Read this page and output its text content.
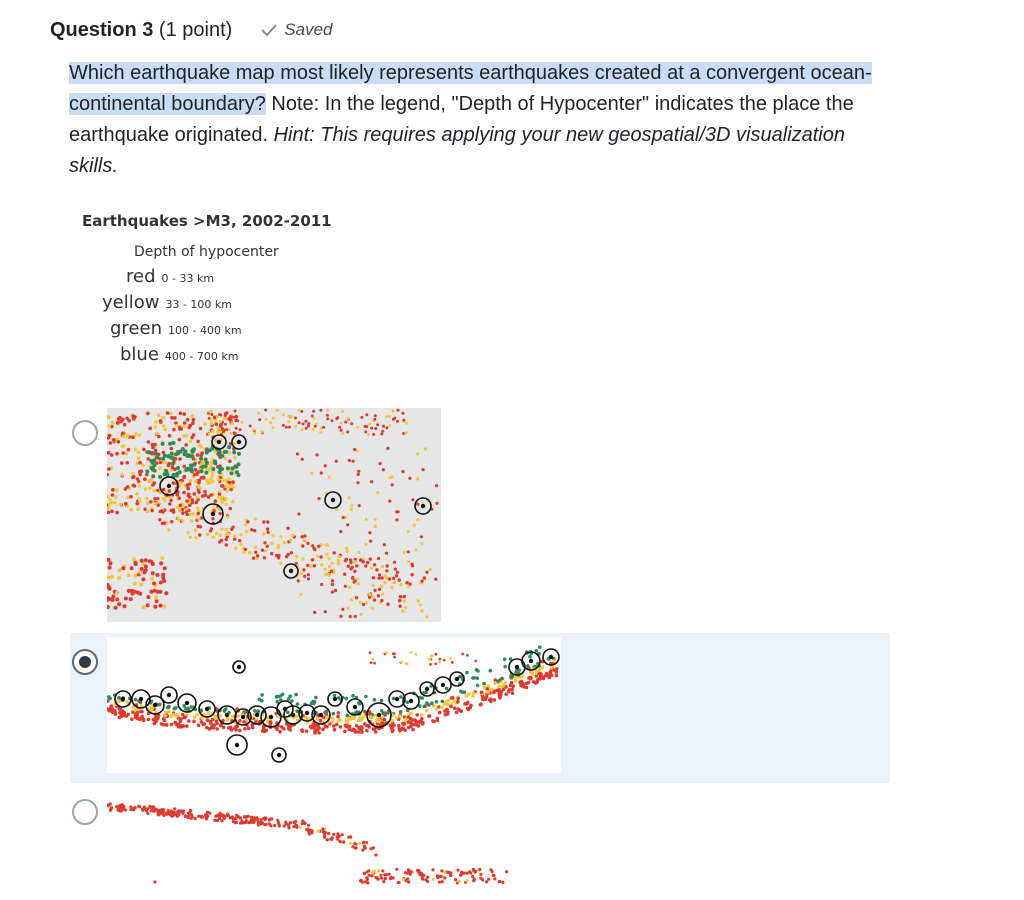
Question 3 (1 point)	Saved
Which earthquake map most likely represents earthquakes created at a convergent ocean-continental boundary? Note: In the legend, "Depth of Hypocenter" indicates the place the earthquake originated. Hint: This requires applying your new geospatial/3D visualization skills.
Earthquakes >M3, 2002-2011
Depth of hypocenter
red 0 - 33 km
yellow 33 - 100 km
green 100 - 400 km
blue 400 - 700 km
